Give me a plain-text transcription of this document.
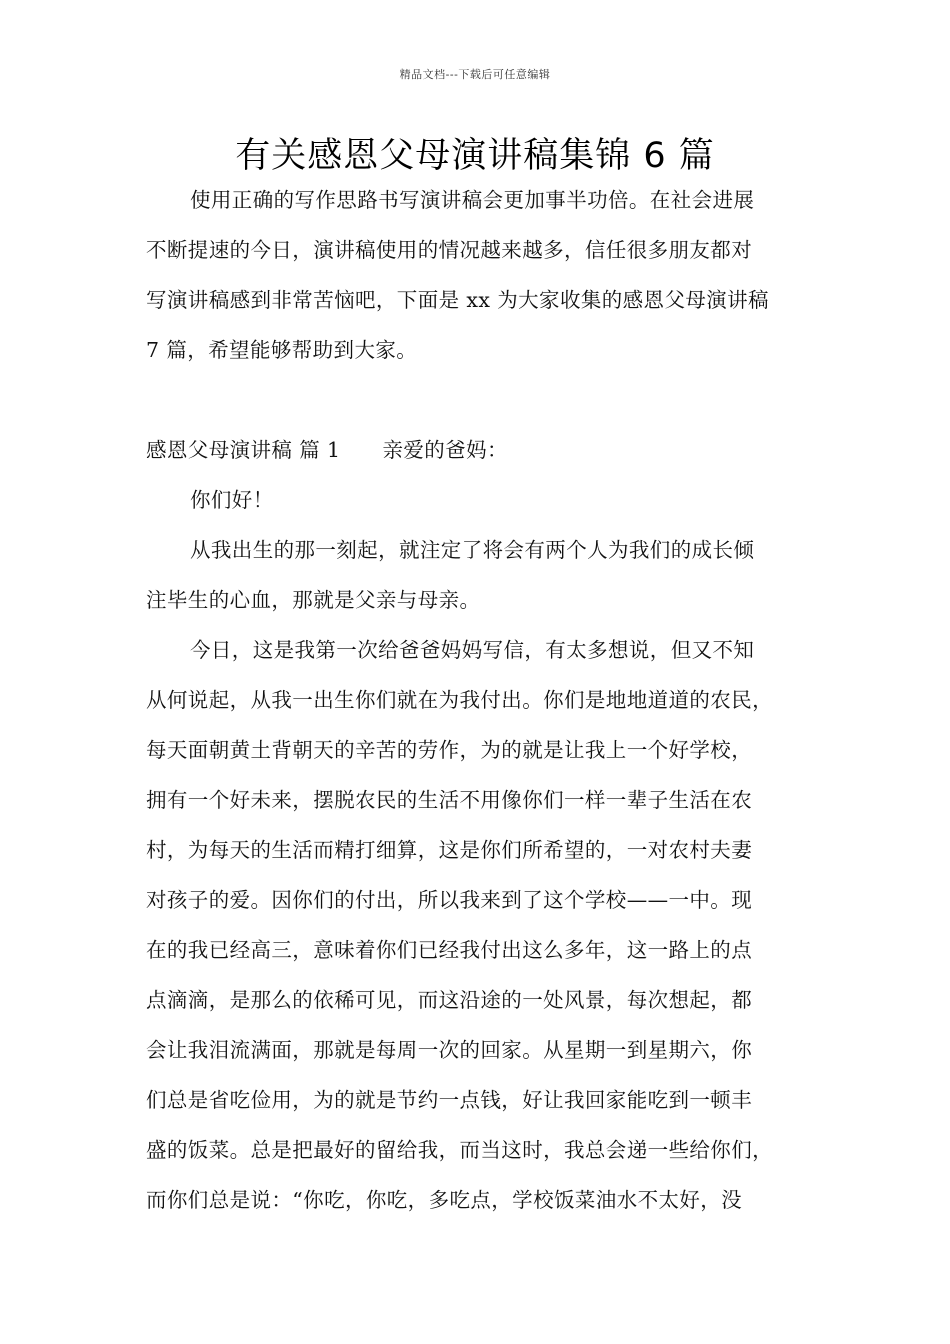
精品文档---下载后可任意编辑
有关感恩父母演讲稿集锦 6 篇

使用正确的写作思路书写演讲稿会更加事半功倍。在社会进展

不断提速的今日，演讲稿使用的情况越来越多，信任很多朋友都对

写演讲稿感到非常苦恼吧，下面是 xx 为大家收集的感恩父母演讲稿

7 篇，希望能够帮助到大家。

感恩父母演讲稿 篇 1 亲爱的爸妈：

你们好！

从我出生的那一刻起，就注定了将会有两个人为我们的成长倾

注毕生的心血，那就是父亲与母亲。

今日，这是我第一次给爸爸妈妈写信，有太多想说，但又不知

从何说起，从我一出生你们就在为我付出。你们是地地道道的农民，

每天面朝黄土背朝天的辛苦的劳作，为的就是让我上一个好学校，

拥有一个好未来，摆脱农民的生活不用像你们一样一辈子生活在农

村，为每天的生活而精打细算，这是你们所希望的，一对农村夫妻

对孩子的爱。因你们的付出，所以我来到了这个学校——一中。现

在的我已经高三，意味着你们已经我付出这么多年，这一路上的点

点滴滴，是那么的依稀可见，而这沿途的一处风景，每次想起，都

会让我泪流满面，那就是每周一次的回家。从星期一到星期六，你

们总是省吃俭用，为的就是节约一点钱，好让我回家能吃到一顿丰

盛的饭菜。总是把最好的留给我，而当这时，我总会递一些给你们，

而你们总是说：“你吃，你吃，多吃点，学校饭菜油水不太好，没
